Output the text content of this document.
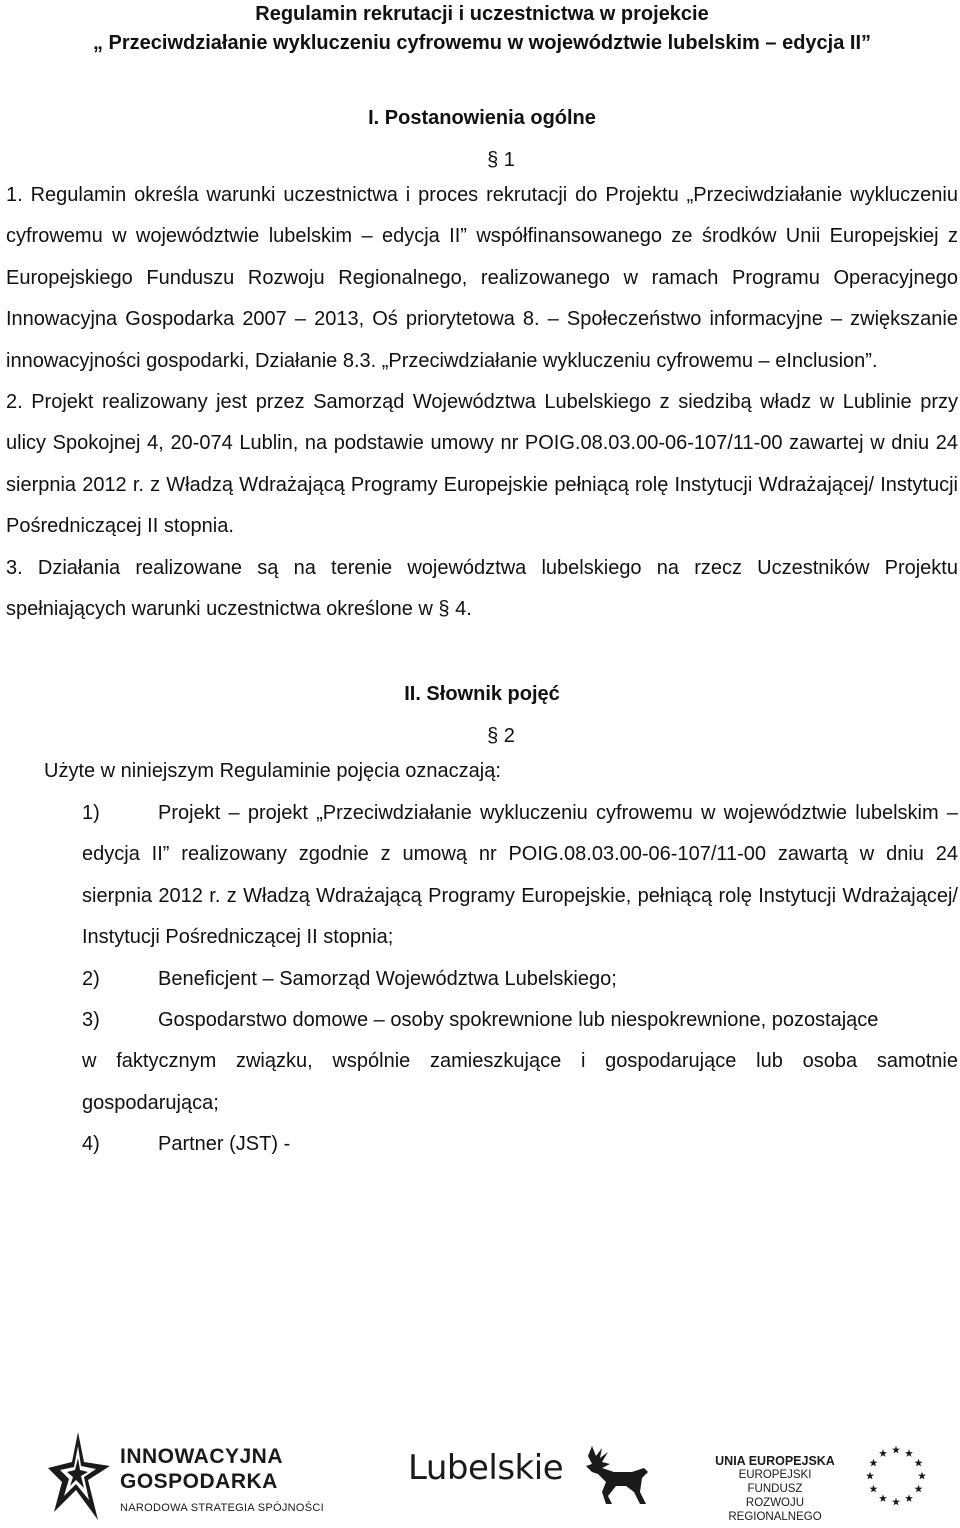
Regulamin rekrutacji i uczestnictwa w projekcie

„ Przeciwdziałanie wykluczeniu cyfrowemu w województwie lubelskim – edycja II”

I. Postanowienia ogólne
§ 1

1. Regulamin określa warunki uczestnictwa i proces rekrutacji do Projektu „Przeciwdziałanie wykluczeniu cyfrowemu w województwie lubelskim – edycja II” współfinansowanego ze środków Unii Europejskiej z Europejskiego Funduszu Rozwoju Regionalnego, realizowanego w ramach Programu Operacyjnego Innowacyjna Gospodarka 2007 – 2013, Oś priorytetowa 8. – Społeczeństwo informacyjne – zwiększanie innowacyjności gospodarki, Działanie 8.3. „Przeciwdziałanie wykluczeniu cyfrowemu – eInclusion”.

2. Projekt realizowany jest przez Samorząd Województwa Lubelskiego z siedzibą władz w Lublinie przy ulicy Spokojnej 4, 20-074 Lublin, na podstawie umowy nr POIG.08.03.00-06-107/11-00 zawartej w dniu 24 sierpnia 2012 r. z Władzą Wdrażającą Programy Europejskie pełniącą rolę Instytucji Wdrażającej/ Instytucji Pośredniczącej II stopnia.

3. Działania realizowane są na terenie województwa lubelskiego na rzecz Uczestników Projektu spełniających warunki uczestnictwa określone w § 4.

II. Słownik pojęć
§ 2

Użyte w niniejszym Regulaminie pojęcia oznaczają:

1)	Projekt – projekt „Przeciwdziałanie wykluczeniu cyfrowemu w województwie lubelskim – edycja II” realizowany zgodnie z umową nr POIG.08.03.00-06-107/11-00 zawartą w dniu 24 sierpnia 2012 r. z Władzą Wdrażającą Programy Europejskie, pełniącą rolę Instytucji Wdrażającej/ Instytucji Pośredniczącej II stopnia;

2)	Beneficjent – Samorząd Województwa Lubelskiego;

3)	Gospodarstwo domowe – osoby spokrewnione lub niespokrewnione, pozostające

w faktycznym związku, wspólnie zamieszkujące i gospodarujące lub osoba samotnie gospodarująca;

4)	Partner (JST) -

INNOWACYJNA
GOSPODARKA
NARODOWA STRATEGIA SPÓJNOŚCI
Lubelskie	UNIA EUROPEJSKA
EUROPEJSKI FUNDUSZ
ROZWOJU REGIONALNEGO
